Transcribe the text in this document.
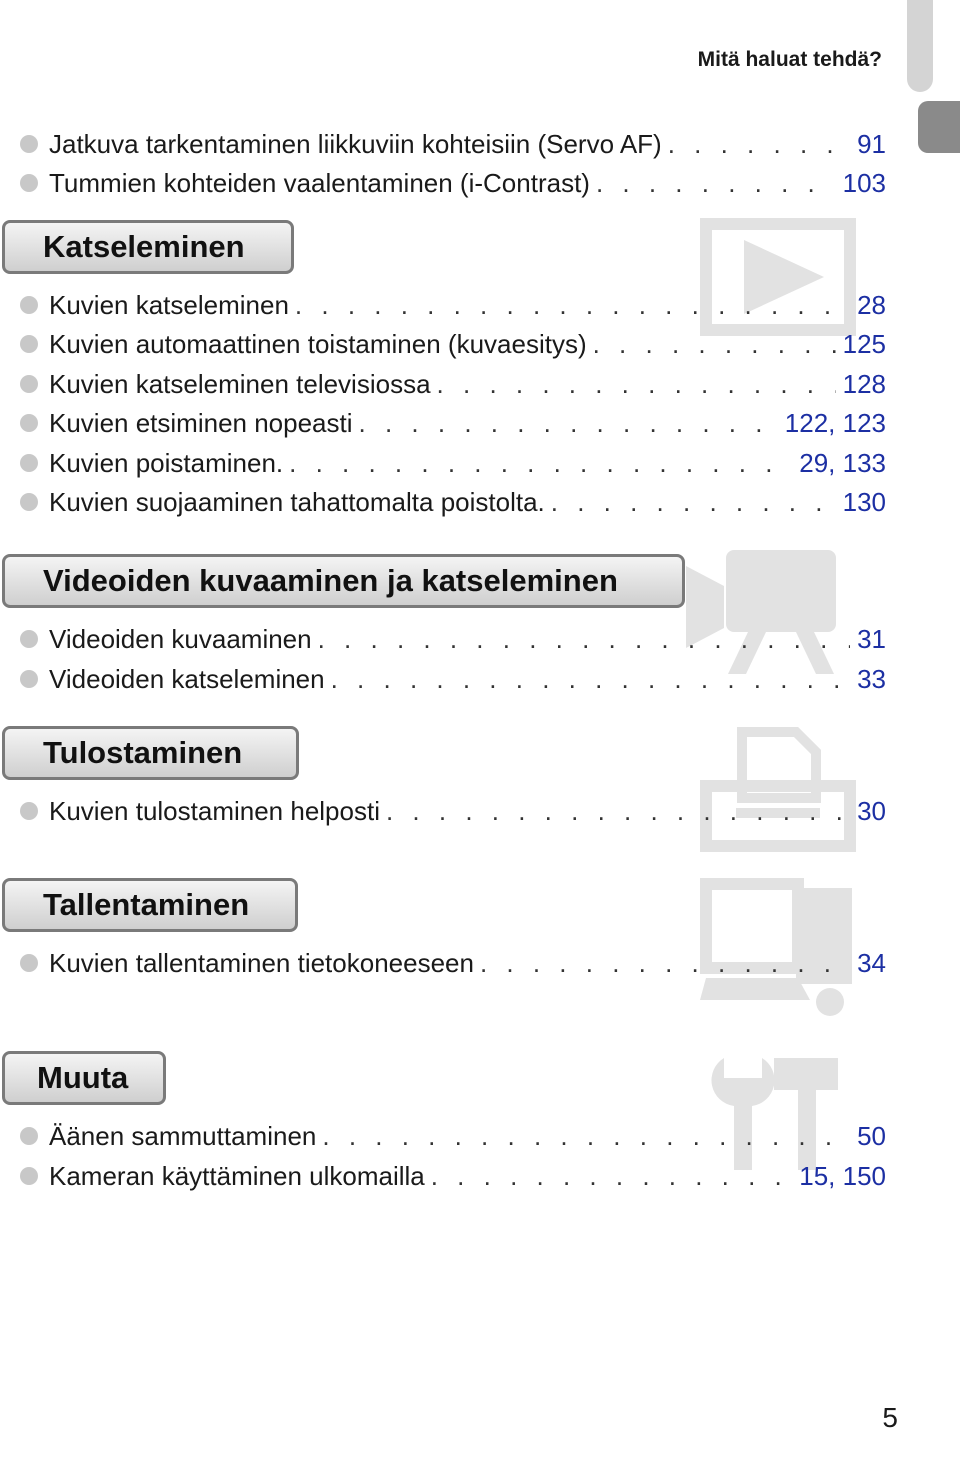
Mitä haluat tehdä?
Jatkuva tarkentaminen liikkuviin kohteisiin (Servo AF) . . .	91
Tummien kohteiden vaalentaminen (i-Contrast) . . .	103
Katseleminen
Kuvien katseleminen . . .	28
Kuvien automaattinen toistaminen (kuvaesitys) . . .	125
Kuvien katseleminen televisiossa . . .	128
Kuvien etsiminen nopeasti . . .	122, 123
Kuvien poistaminen. . . .	29, 133
Kuvien suojaaminen tahattomalta poistolta. . . .	130
Videoiden kuvaaminen ja katseleminen
Videoiden kuvaaminen . . .	31
Videoiden katseleminen . . .	33
Tulostaminen
Kuvien tulostaminen helposti . . .	30
Tallentaminen
Kuvien tallentaminen tietokoneeseen . . .	34
Muuta
Äänen sammuttaminen . . .	50
Kameran käyttäminen ulkomailla . . .	15, 150
5
